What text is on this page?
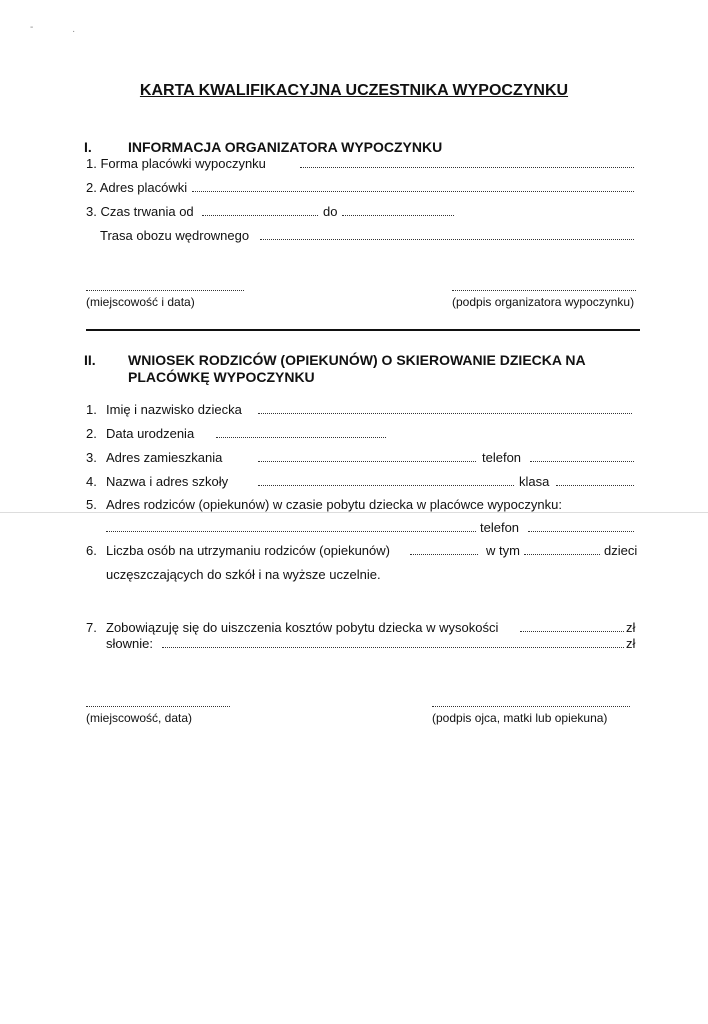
-	·
KARTA KWALIFIKACYJNA UCZESTNIKA WYPOCZYNKU
I.	INFORMACJA ORGANIZATORA WYPOCZYNKU
1. Forma placówki wypoczynku
2. Adres placówki
3. Czas trwania od	do
Trasa obozu wędrownego
(miejscowość i data)	(podpis organizatora wypoczynku)
II. WNIOSEK RODZICÓW (OPIEKUNÓW) O SKIEROWANIE DZIECKA NA
PLACÓWKĘ WYPOCZYNKU
1. Imię i nazwisko dziecka
2. Data urodzenia
3. Adres zamieszkania	telefon
4. Nazwa i adres szkoły	klasa
5. Adres rodziców (opiekunów) w czasie pobytu dziecka w placówce wypoczynku:
telefon
6. Liczba osób na utrzymaniu rodziców (opiekunów)	w tym	dzieci
uczęszczających do szkół i na wyższe uczelnie.
7. Zobowiązuję się do uiszczenia kosztów pobytu dziecka w wysokości	zł
słownie:	zł
(miejscowość, data)	(podpis ojca, matki lub opiekuna)
